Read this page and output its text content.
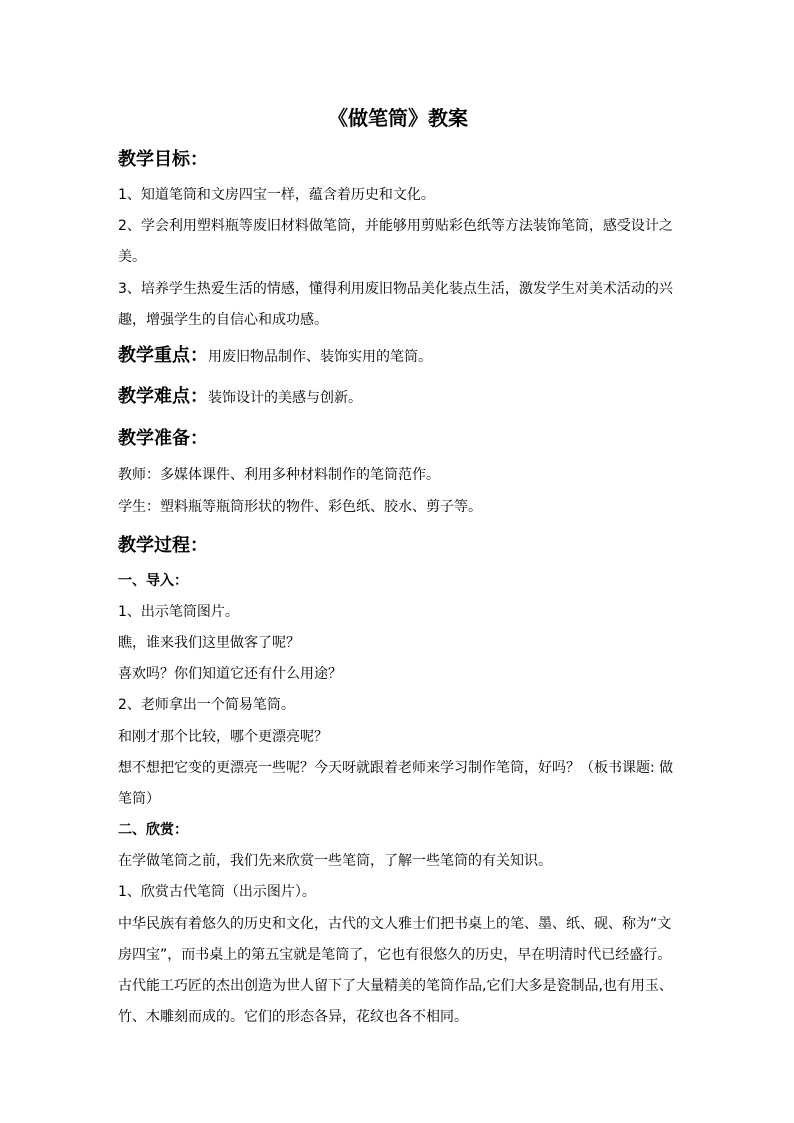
《做笔筒》教案
教学目标：
1、知道笔筒和文房四宝一样，蕴含着历史和文化。
2、学会利用塑料瓶等废旧材料做笔筒，并能够用剪贴彩色纸等方法装饰笔筒，感受设计之
美。
3、培养学生热爱生活的情感，懂得利用废旧物品美化装点生活，激发学生对美术活动的兴
趣，增强学生的自信心和成功感。
教学重点：用废旧物品制作、装饰实用的笔筒。
教学难点：装饰设计的美感与创新。
教学准备：
教师：多媒体课件、利用多种材料制作的笔筒范作。
学生：塑料瓶等瓶筒形状的物件、彩色纸、胶水、剪子等。
教学过程：
一、导入：
1、出示笔筒图片。
瞧，谁来我们这里做客了呢？
喜欢吗？你们知道它还有什么用途？
2、老师拿出一个简易笔筒。
和刚才那个比较，哪个更漂亮呢？
想不想把它变的更漂亮一些呢？今天呀就跟着老师来学习制作笔筒，好吗？（板书课题: 做
笔筒）
二、欣赏：
在学做笔筒之前，我们先来欣赏一些笔筒，了解一些笔筒的有关知识。
1、欣赏古代笔筒（出示图片）。
中华民族有着悠久的历史和文化，古代的文人雅士们把书桌上的笔、墨、纸、砚、称为“文
房四宝”，而书桌上的第五宝就是笔筒了，它也有很悠久的历史，早在明清时代已经盛行。
古代能工巧匠的杰出创造为世人留下了大量精美的笔筒作品,它们大多是瓷制品,也有用玉、
竹、木雕刻而成的。它们的形态各异，花纹也各不相同。
